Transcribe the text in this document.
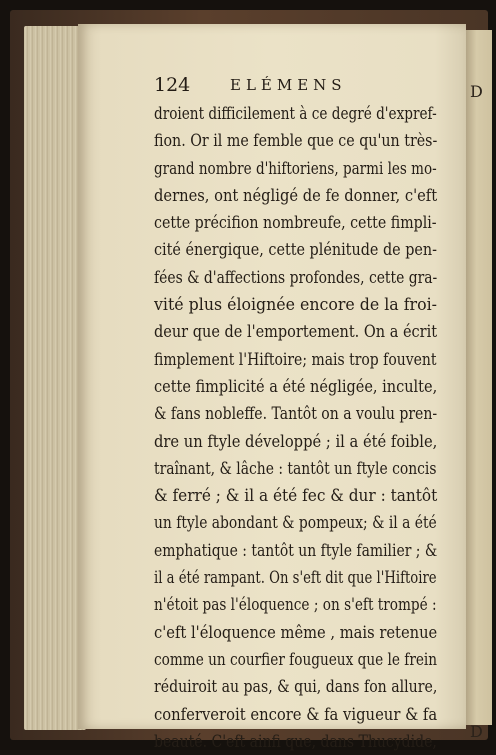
D
D
124	ELÉMENS
droient difficilement à ce degré d'expref-
fion. Or il me femble que ce qu'un très-
grand nombre d'hiftoriens, parmi les mo-
dernes, ont négligé de fe donner, c'eft
cette précifion nombreufe, cette fimpli-
cité énergique, cette plénitude de pen-
fées & d'affections profondes, cette gra-
vité plus éloignée encore de la froi-
deur que de l'emportement. On a écrit
fimplement l'Hiftoire; mais trop fouvent
cette fimplicité a été négligée, inculte,
& fans nobleffe. Tantôt on a voulu pren-
dre un ftyle développé ; il a été foible,
traînant, & lâche : tantôt un ftyle concis
& ferré ; & il a été fec & dur : tantôt
un ftyle abondant & pompeux; & il a été
emphatique : tantôt un ftyle familier ; &
il a été rampant. On s'eft dit que l'Hiftoire
n'étoit pas l'éloquence ; on s'eft trompé :
c'eft l'éloquence même , mais retenue
comme un courfier fougueux que le frein
réduiroit au pas, & qui, dans fon allure,
conferveroit encore & fa vigueur & fa
beauté. C'eft ainfi que, dans Thucydide,
